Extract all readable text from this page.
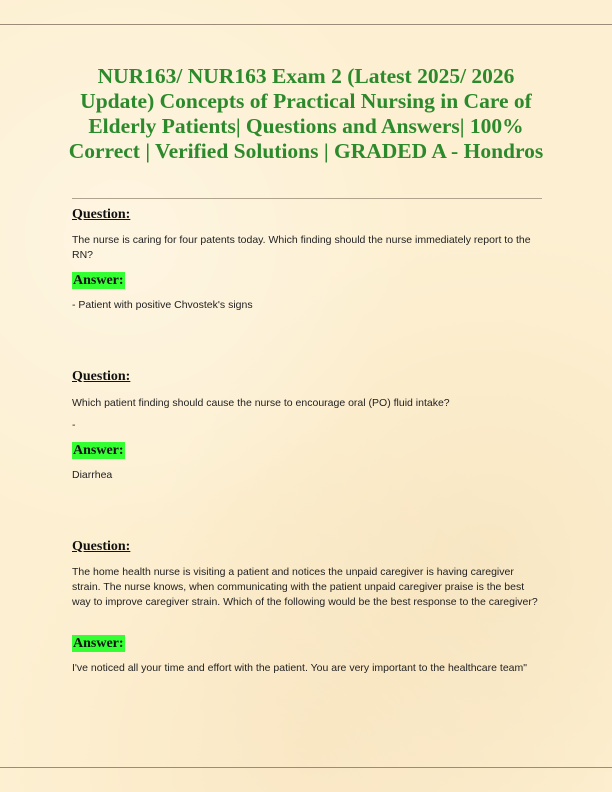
NUR163/ NUR163 Exam 2 (Latest 2025/ 2026 Update) Concepts of Practical Nursing in Care of Elderly Patients| Questions and Answers| 100% Correct | Verified Solutions | GRADED A - Hondros
Question:

The nurse is caring for four patents today. Which finding should the nurse immediately report to the RN?

Answer:

- Patient with positive Chvostek's signs

Question:

Which patient finding should cause the nurse to encourage oral (PO) fluid intake?

-

Answer:

Diarrhea

Question:

The home health nurse is visiting a patient and notices the unpaid caregiver is having caregiver strain. The nurse knows, when communicating with the patient unpaid caregiver praise is the best way to improve caregiver strain. Which of the following would be the best response to the caregiver?

Answer:

I've noticed all your time and effort with the patient. You are very important to the healthcare team"
